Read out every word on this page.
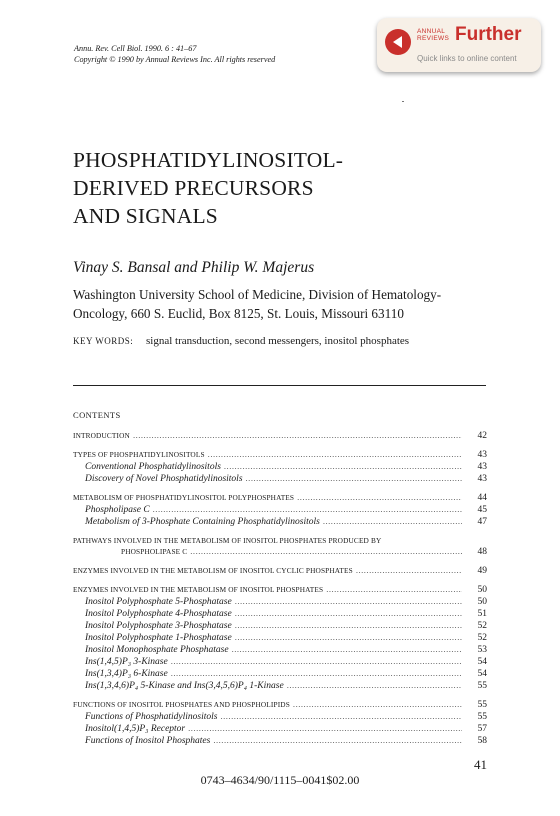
Annu. Rev. Cell Biol. 1990. 6 : 41–67
Copyright © 1990 by Annual Reviews Inc. All rights reserved
ANNUAL
REVIEWS Further
Quick links to online content
PHOSPHATIDYLINOSITOL-
DERIVED PRECURSORS
AND SIGNALS
Vinay S. Bansal and Philip W. Majerus
Washington University School of Medicine, Division of Hematology-Oncology, 660 S. Euclid, Box 8125, St. Louis, Missouri 63110
KEY WORDS: signal transduction, second messengers, inositol phosphates
CONTENTS
INTRODUCTION .....	42
TYPES OF PHOSPHATIDYLINOSITOLS .....	43
Conventional Phosphatidylinositols .....	43
Discovery of Novel Phosphatidylinositols .....	43
METABOLISM OF PHOSPHATIDYLINOSITOL POLYPHOSPHATES .....	44
Phospholipase C .....	45
Metabolism of 3-Phosphate Containing Phosphatidylinositols .....	47
PATHWAYS INVOLVED IN THE METABOLISM OF INOSITOL PHOSPHATES PRODUCED BY
PHOSPHOLIPASE C .....	48
ENZYMES INVOLVED IN THE METABOLISM OF INOSITOL CYCLIC PHOSPHATES .....	49
ENZYMES INVOLVED IN THE METABOLISM OF INOSITOL PHOSPHATES .....	50
Inositol Polyphosphate 5-Phosphatase .....	50
Inositol Polyphosphate 4-Phosphatase .....	51
Inositol Polyphosphate 3-Phosphatase .....	52
Inositol Polyphosphate 1-Phosphatase .....	52
Inositol Monophosphate Phosphatase .....	53
Ins(1,4,5)P₃ 3-Kinase .....	54
Ins(1,3,4)P₃ 6-Kinase .....	54
Ins(1,3,4,6)P₄ 5-Kinase and Ins(3,4,5,6)P₄ 1-Kinase .....	55
FUNCTIONS OF INOSITOL PHOSPHATES AND PHOSPHOLIPIDS .....	55
Functions of Phosphatidylinositols .....	55
Inositol(1,4,5)P₃ Receptor .....	57
Functions of Inositol Phosphates .....	58
41
0743–4634/90/1115–0041$02.00
